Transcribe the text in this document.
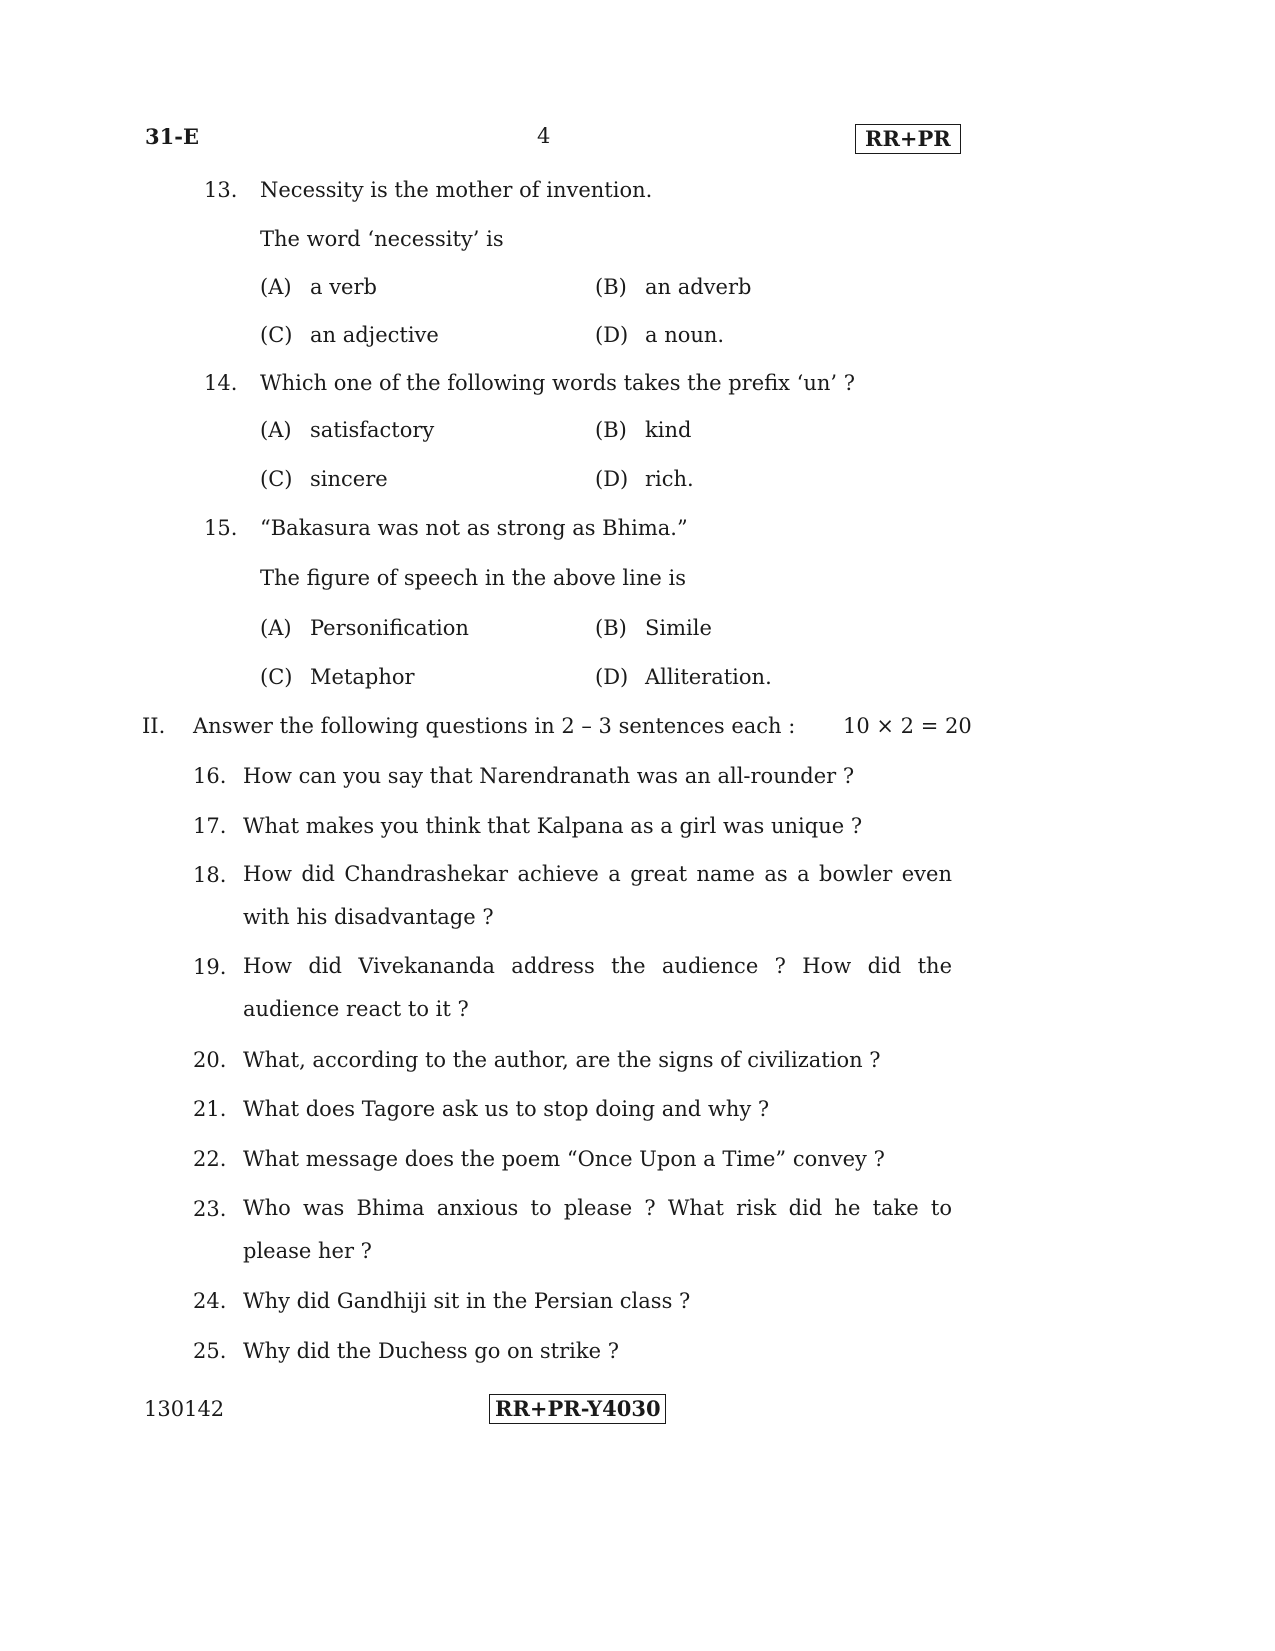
31-E	4	RR+PR
13. Necessity is the mother of invention.
The word ‘necessity’ is
(A) a verb	(B) an adverb
(C) an adjective	(D) a noun.
14. Which one of the following words takes the prefix ‘un’ ?
(A) satisfactory	(B) kind
(C) sincere	(D) rich.
15. “Bakasura was not as strong as Bhima.”
The figure of speech in the above line is
(A) Personification	(B) Simile
(C) Metaphor	(D) Alliteration.
II. Answer the following questions in 2 – 3 sentences each : 10 × 2 = 20
16. How can you say that Narendranath was an all-rounder ?
17. What makes you think that Kalpana as a girl was unique ?
18. How did Chandrashekar achieve a great name as a bowler even with his disadvantage ?
19. How did Vivekananda address the audience ? How did the audience react to it ?
20. What, according to the author, are the signs of civilization ?
21. What does Tagore ask us to stop doing and why ?
22. What message does the poem “Once Upon a Time” convey ?
23. Who was Bhima anxious to please ? What risk did he take to please her ?
24. Why did Gandhiji sit in the Persian class ?
25. Why did the Duchess go on strike ?
130142	RR+PR-Y4030
